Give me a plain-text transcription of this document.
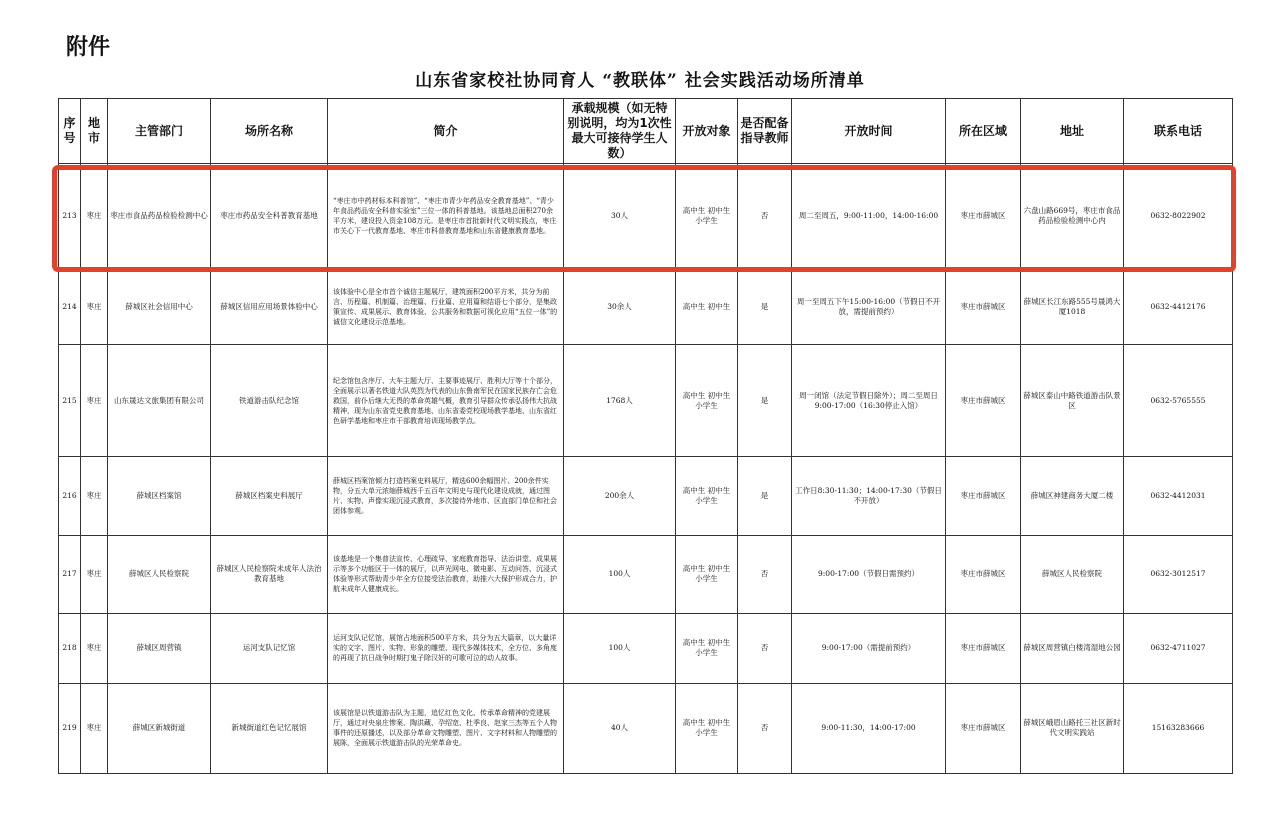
附件
山东省家校社协同育人 “教联体” 社会实践活动场所清单
序号	地市	主管部门	场所名称	简介	承载规模（如无特别说明，均为1次性最大可接待学生人数）	开放对象	是否配备指导教师	开放时间	所在区域	地址	联系电话
213	枣庄	枣庄市食品药品检验检测中心	枣庄市药品安全科普教育基地	“枣庄市中药材标本科普馆”、“枣庄市青少年药品安全教育基地”、“青少年食品药品安全科普实验室”三位一体的科普基地。该基地总面积270余平方米，建设投入资金108万元。是枣庄市首批新时代文明实践点，枣庄市关心下一代教育基地、枣庄市科普教育基地和山东省健康教育基地。	30人	高中生 初中生 小学生	否	周二至周五，9:00-11:00，14:00-16:00	枣庄市薛城区	六盘山路669号，枣庄市食品药品检验检测中心内	0632-8022902
214	枣庄	薛城区社会信用中心	薛城区信用应用场景体验中心	该体验中心是全市首个诚信主题展厅，建筑面积200平方米，共分为前言、历程篇、机制篇、治理篇、行业篇、应用篇和结语七个部分，是集政策宣传、成果展示、教育体验、公共服务和数据可视化应用“五位一体”的诚信文化建设示范基地。	30余人	高中生 初中生	是	周一至周五下午15:00-16:00（节假日不开放，需提前预约）	枣庄市薛城区	薛城区长江东路555号晟鸿大厦1018	0632-4412176
215	枣庄	山东晟达文旅集团有限公司	铁道游击队纪念馆	纪念馆包含序厅、大车主题大厅、主要事迹展厅、胜利大厅等十个部分，全面展示以著名铁道大队英烈为代表的山东鲁南军民在国家民族存亡会危救国，前仆后继大无畏的革命英雄气概，教育引导群众传承弘扬伟大抗战精神，现为山东省党史教育基地、山东省委党校现场教学基地、山东省红色研学基地和枣庄市干部教育培训现场教学点。	1768人	高中生 初中生 小学生	是	周一闭馆（法定节假日除外）；周二至周日9:00-17:00（16:30停止入馆）	枣庄市薛城区	薛城区泰山中路铁道游击队景区	0632-5765555
216	枣庄	薛城区档案馆	薛城区档案史料展厅	薛城区档案馆倾力打造档案史料展厅，精选600余幅图片、200余件实物，分五大单元浓缩薛城西千五百年文明史与现代化建设成就，通过图片、实物、声像实现沉浸式教育，多次接待外地市、区直部门单位和社会团体参观。	200余人	高中生 初中生 小学生	是	工作日8:30-11:30；14:00-17:30（节假日不开放）	枣庄市薛城区	薛城区神建商务大厦二楼	0632-4412031
217	枣庄	薛城区人民检察院	薛城区人民检察院未成年人法治教育基地	该基地是一个集普法宣传、心理疏导、家庭教育指导、法治讲堂、成果展示等多个功能区于一体的展厅，以声光网电、微电影、互动问答、沉浸式体验等形式帮助青少年全方位接受法治教育，助推六大保护形成合力，护航未成年人健康成长。	100人	高中生 初中生 小学生	否	9:00-17:00（节假日需预约）	枣庄市薛城区	薛城区人民检察院	0632-3012517
218	枣庄	薛城区周营镇	运河支队记忆馆	运河支队记忆馆，展馆占地面积500平方米，共分为五大篇章，以大量详实的文字、图片、实物、形象的雕塑、现代多媒体技术，全方位、多角度的再现了抗日战争时期打鬼子除汉奸的可歌可泣的动人故事。	100人	高中生 初中生 小学生	否	9:00-17:00（需提前预约）	枣庄市薛城区	薛城区周营镇白楼湾湿地公园	0632-4711027
219	枣庄	薛城区新城街道	新城街道红色记忆展馆	该展馆是以铁道游击队为主题，追忆红色文化、传承革命精神的党建展厅，通过对央泉庄惨案、陶洪藏、孕绍宽、杜季良、赵家三杰等五个人物事件的还原播述，以及部分革命文物雕塑、图片、文字材料和人物雕塑的展陈，全面展示铁道游击队的光荣革命史。	40人	高中生 初中生 小学生	否	9:00-11:30，14:00-17:00	枣庄市薛城区	薛城区峨眉山路托三社区新时代文明实践站	15163283666
